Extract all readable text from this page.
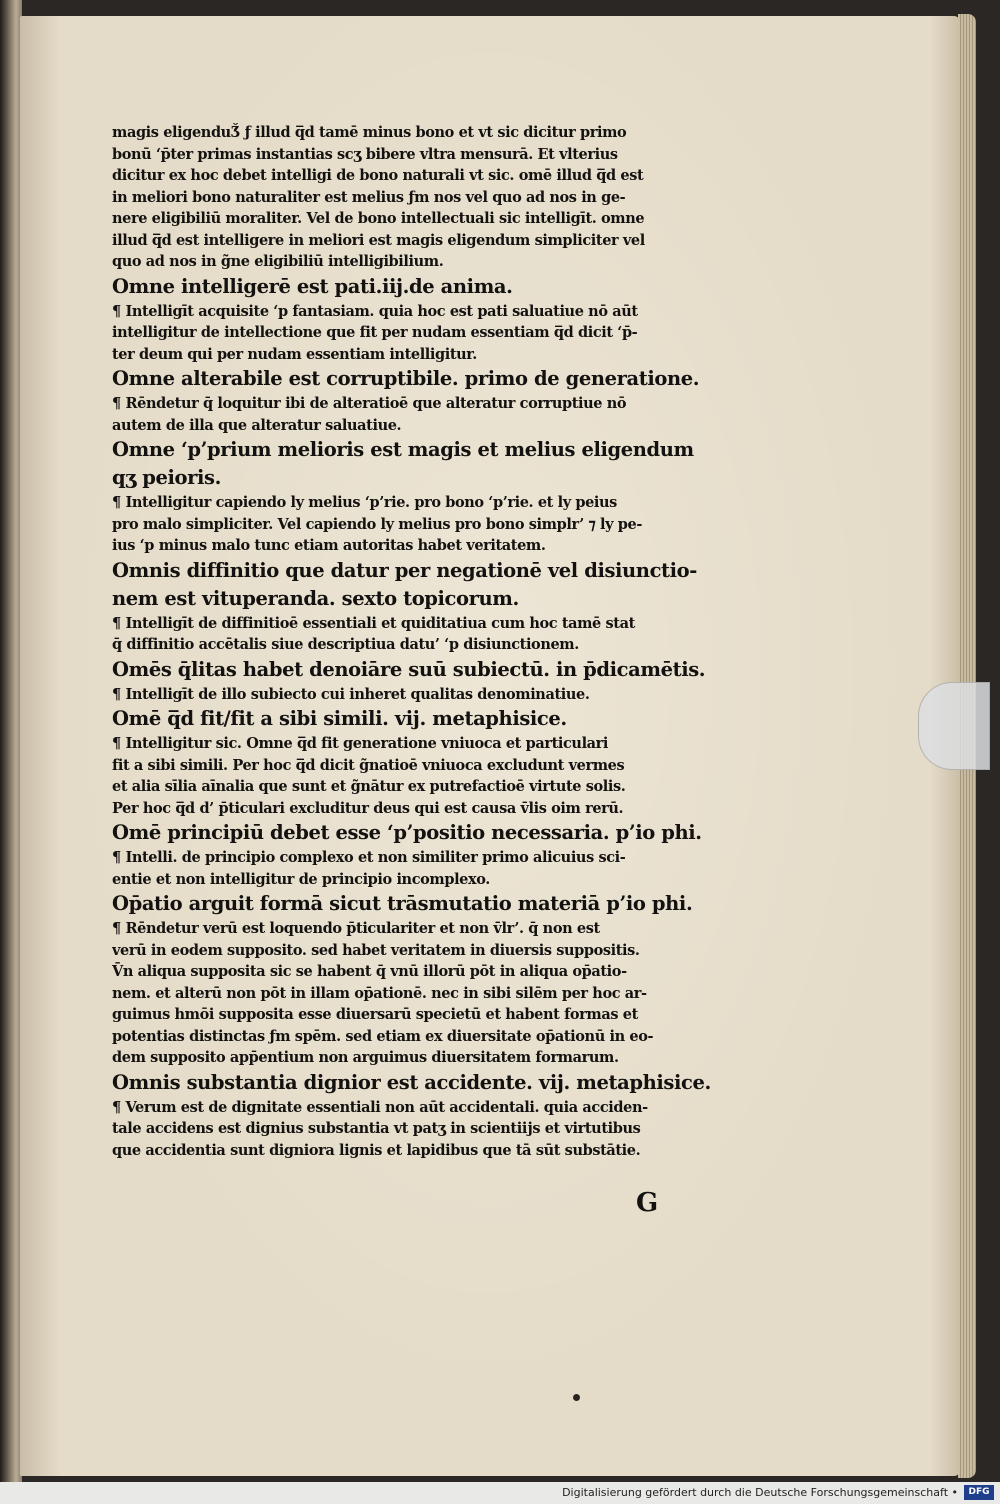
magis eligenduǮ ƒ illud q̅d tamē minus bono et vt sic dicitur primo
bonū ‘p̄ter primas instantias scʒ bibere vltra mensurā. Et vlterius
dicitur ex hoc debet intelligi de bono naturali vt sic. omē illud q̅d est
in meliori bono naturaliter est melius ƒm nos vel quo ad nos in ge-
nere eligibiliū moraliter. Vel de bono intellectuali sic intelligīt. omne
illud q̅d est intelligere in meliori est magis eligendum simpliciter vel
quo ad nos in g̃ne eligibiliū intelligibilium.
Omne intelligerē est pati.iij.de anima.
¶ Intelligīt acquisite ‘p fantasiam. quia hoc est pati saluatiue nō aūt
intelligitur de intellectione que fit per nudam essentiam q̅d dicit ‘p̄-
ter deum qui per nudam essentiam intelligitur.
Omne alterabile est corruptibile. primo de generatione.
¶ Rēndetur q̄ loquitur ibi de alteratioē que alteratur corruptiue nō
autem de illa que alteratur saluatiue.
Omne ‘p’prium melioris est magis et melius eligendum
qʒ peioris.
¶ Intelligitur capiendo ly melius ‘p’rie. pro bono ‘p’rie. et ly peius
pro malo simpliciter. Vel capiendo ly melius pro bono simplr’ ⁊ ly pe-
ius ‘p minus malo tunc etiam autoritas habet veritatem.
Omnis diffinitio que datur per negationē vel disiunctio-
nem est vituperanda. sexto topicorum.
¶ Intelligīt de diffinitioē essentiali et quiditatiua cum hoc tamē stat
q̄ diffinitio accētalis siue descriptiua datu’ ‘p disiunctionem.
Omēs q̄litas habet denoiāre suū subiectū. in p̄dicamētis.
¶ Intelligīt de illo subiecto cui inheret qualitas denominatiue.
Omē q̅d fit/fit a sibi simili. vij. metaphisice.
¶ Intelligitur sic. Omne q̅d fit generatione vniuoca et particulari
fit a sibi simili. Per hoc q̅d dicit g̃natioē vniuoca excludunt vermes
et alia sīlia aīnalia que sunt et g̃nātur ex putrefactioē virtute solis.
Per hoc q̅d d’ p̄ticulari excluditur deus qui est causa v̄lis oim rerū.
Omē principiū debet esse ‘p’positio necessaria. p’io phi.
¶ Intelli. de principio complexo et non similiter primo alicuius sci-
entie et non intelligitur de principio incomplexo.
Op̄atio arguit formā sicut trāsmutatio materiā p’io phi.
¶ Rēndetur verū est loquendo p̄ticulariter et non v̄lr’. q̄ non est
verū in eodem supposito. sed habet veritatem in diuersis suppositis.
V̄n aliqua supposita sic se habent q̄ vnū illorū pōt in aliqua op̄atio-
nem. et alterū non pōt in illam op̄ationē. nec in sibi silēm per hoc ar-
guimus hmōi supposita esse diuersarū specietū et habent formas et
potentias distinctas ƒm spēm. sed etiam ex diuersitate op̄ationū in eo-
dem supposito app̄entium non arguimus diuersitatem formarum.
Omnis substantia dignior est accidente. vij. metaphisice.
¶ Verum est de dignitate essentiali non aūt accidentali. quia acciden-
tale accidens est dignius substantia vt patʒ in scientiĳs et virtutibus
que accidentia sunt digniora lignis et lapidibus que tā sūt substātie.
G
Digitalisierung gefördert durch die Deutsche Forschungsgemeinschaft •	DFG
